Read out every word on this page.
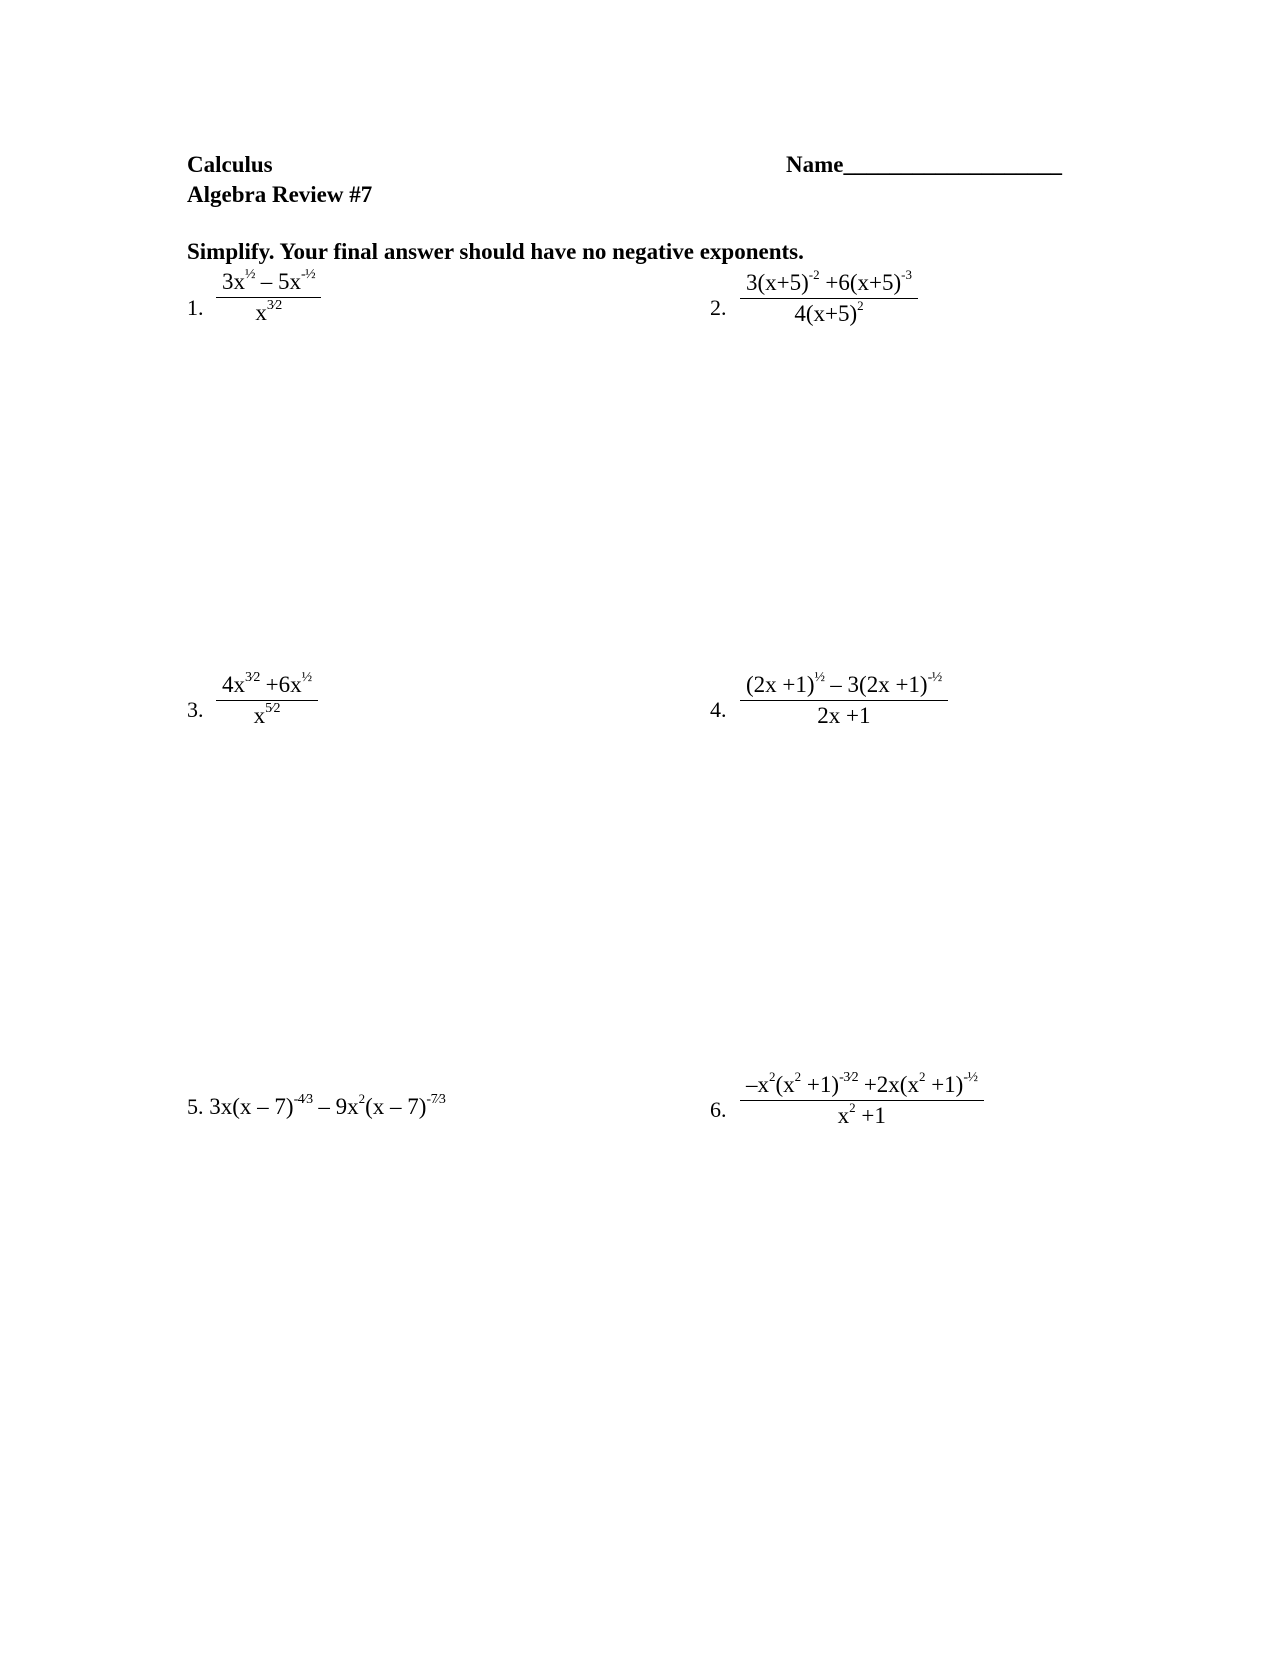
Calculus
Algebra Review #7
Name___________________
Simplify. Your final answer should have no negative exponents.
1. $\frac{3x^{\frac{1}{2}} - 5x^{-\frac{1}{2}}}{x^{3⁄2}}$	2. $\frac{3(x+5)^{-2} +6(x+5)^{-3}}{4(x+5)^2}$
3. $\frac{4x^{3⁄2} +6x^{\frac{1}{2}}}{x^{5⁄2}}$	4. $\frac{(2x +1)^{\frac{1}{2}} - 3(2x +1)^{-\frac{1}{2}}}{2x +1}$
5. $3x(x - 7)^{-4⁄3} - 9x^2(x - 7)^{-7⁄3}$	6. $\frac{-x^2(x^2 +1)^{-3⁄2} +2x(x^2 +1)^{-\frac{1}{2}}}{x^2 +1}$
